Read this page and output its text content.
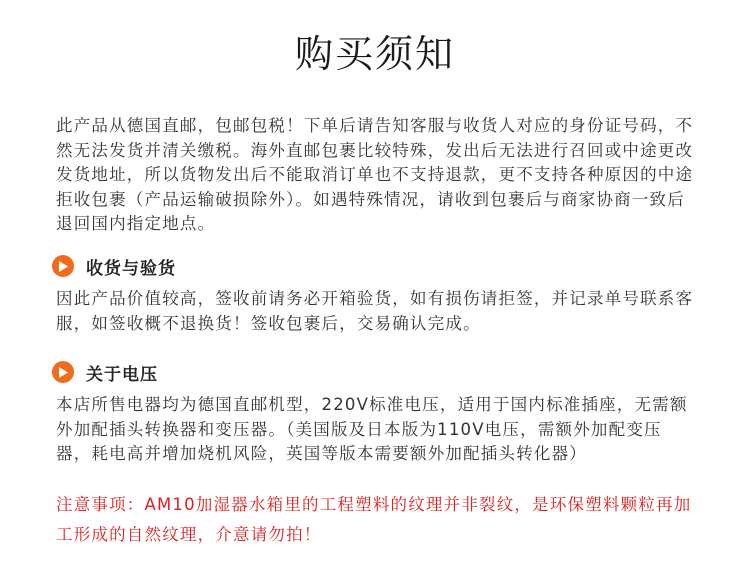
购买须知

此产品从德国直邮，包邮包税！下单后请告知客服与收货人对应的身份证号码，不然无法发货并清关缴税。海外直邮包裹比较特殊，发出后无法进行召回或中途更改发货地址，所以货物发出后不能取消订单也不支持退款，更不支持各种原因的中途拒收包裹（产品运输破损除外）。如遇特殊情况，请收到包裹后与商家协商一致后退回国内指定地点。

收货与验货

因此产品价值较高，签收前请务必开箱验货，如有损伤请拒签，并记录单号联系客服，如签收概不退换货！签收包裹后，交易确认完成。

关于电压

本店所售电器均为德国直邮机型，220V标准电压，适用于国内标准插座，无需额外加配插头转换器和变压器。（美国版及日本版为110V电压，需额外加配变压器，耗电高并增加烧机风险，英国等版本需要额外加配插头转化器）

注意事项：AM10加湿器水箱里的工程塑料的纹理并非裂纹，是环保塑料颗粒再加工形成的自然纹理，介意请勿拍！
